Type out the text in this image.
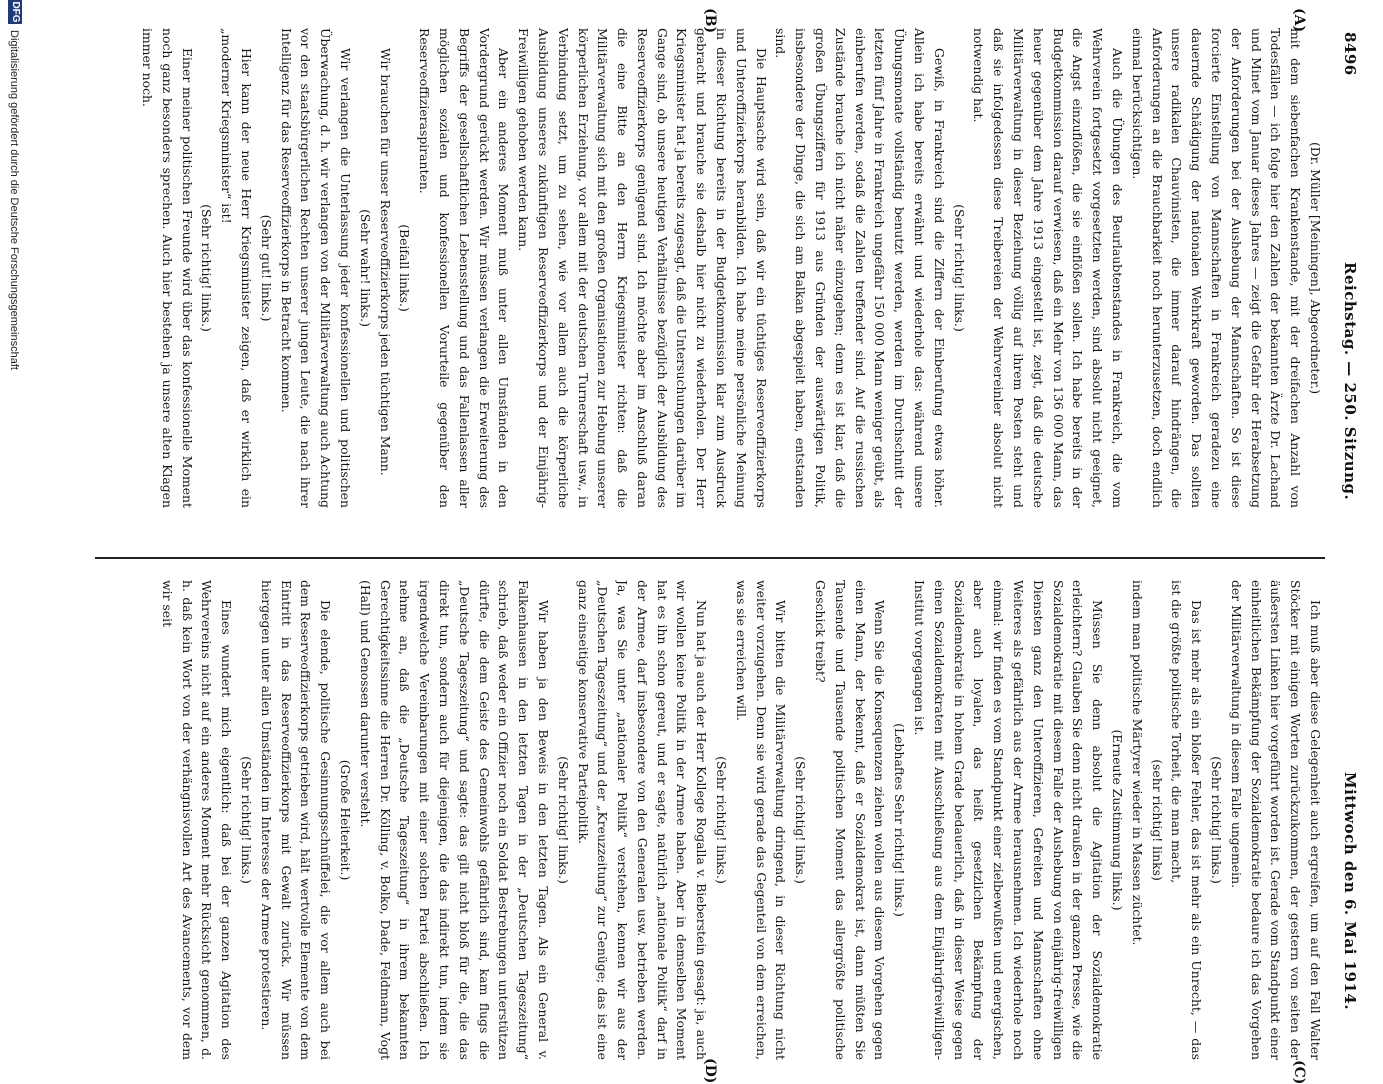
8496
Reichstag. — 250. Sitzung.
Mittwoch den 6. Mai 1914.
(A)
(B)
(C)
(D)

(Dr. Müller [Meiningen], Abgeordneter.)

mit dem siebenfachen Krankenstande, mit der dreifachen Anzahl von Todesfällen — ich folge hier den Zahlen der bekannten Ärzte Dr. Lachand und Minet vom Januar dieses Jahres — zeigt die Gefahr der Herabsetzung der Anforderungen bei der Aushebung der Mannschaften. So ist diese forcierte Einstellung von Mannschaften in Frankreich geradezu eine dauernde Schädigung der nationalen Wehrkraft geworden. Das sollten unsere radikalen Chauvinisten, die immer darauf hindrängen, die Anforderungen an die Brauchbarkeit noch herunterzusetzen, doch endlich einmal berücksichtigen.

Auch die Übungen des Beurlaubtenstandes in Frankreich, die vom Wehrverein fortgesetzt vorgesetzten werden, sind absolut nicht geeignet, die Angst einzuflößen, die sie einflößen sollen. Ich habe bereits in der Budgetkommission darauf verwiesen, daß ein Mehr von 136 000 Mann, das heuer gegenüber dem Jahre 1913 eingestellt ist, zeigt, daß die deutsche Militärverwaltung in dieser Beziehung völlig auf ihrem Posten steht und daß sie infolgedessen diese Treibereien der Wehrvereinler absolut nicht notwendig hat.

(Sehr richtig! links.)

Gewiß, in Frankreich sind die Ziffern der Einberufung etwas höher. Allein ich habe bereits erwähnt und wiederhole das: während unsere Übungsmonate vollständig benutzt werden, werden im Durchschnitt der letzten fünf Jahre in Frankreich ungefähr 150 000 Mann weniger geübt, als einberufen werden, sodaß die Zahlen treffender sind. Auf die russischen Zustände brauche ich nicht näher einzugehen; denn es ist klar, daß die großen Übungsziffern für 1913 aus Gründen der auswärtigen Politik, insbesondere der Dinge, die sich am Balkan abgespielt haben, entstanden sind.

Die Hauptsache wird sein, daß wir ein tüchtiges Reserveoffizierkorps und Unteroffizierkorps heranbilden. Ich habe meine persönliche Meinung in dieser Richtung bereits in der Budgetkommission klar zum Ausdruck gebracht und brauche sie deshalb hier nicht zu wiederholen. Der Herr Kriegsminister hat ja bereits zugesagt, daß die Untersuchungen darüber im Gange sind, ob unsere heutigen Verhältnisse bezüglich der Ausbildung des Reserveoffizierkorps genügend sind. Ich möchte aber im Anschluß daran die eine Bitte an den Herrn Kriegsminister richten: daß die Militärverwaltung sich mit den großen Organisationen zur Hebung unserer körperlichen Erziehung, vor allem mit der deutschen Turnerschaft usw., in Verbindung setzt, um zu sehen, wie vor allem auch die körperliche Ausbildung unseres zukünftigen Reserveoffizierkorps und der Einjährig-Freiwilligen gehoben werden kann.

Aber ein anderes Moment muß unter allen Umständen in den Vordergrund gerückt werden. Wir müssen verlangen die Erweiterung des Begriffs der gesellschaftlichen Lebensstellung und das Fallenlassen aller möglichen sozialen und konfessionellen Vorurteile gegenüber den Reserveoffizieraspiranten.

(Beifall links.)

Wir brauchen für unser Reserveoffizierkorps jeden tüchtigen Mann.

(Sehr wahr! links.)

Wir verlangen die Unterlassung jeder konfessionellen und politischen Überwachung, d. h. wir verlangen von der Militärverwaltung auch Achtung vor den staatsbürgerlichen Rechten unserer jungen Leute, die nach ihrer Intelligenz für das Reserveoffizierkorps in Betracht kommen.

(Sehr gut! links.)

Hier kann der neue Herr Kriegsminister zeigen, daß er wirklich ein „moderner Kriegsminister“ ist!

(Sehr richtig! links.)

Einer meiner politischen Freunde wird über das konfessionelle Moment noch ganz besonders sprechen. Auch hier bestehen ja unsere alten Klagen immer noch.

Ich muß aber diese Gelegenheit auch ergreifen, um auf den Fall Walter Stöcker mit einigen Worten zurückzukommen, der gestern von seiten der äußersten Linken hier vorgeführt worden ist. Gerade vom Standpunkt einer einheitlichen Bekämpfung der Sozialdemokratie bedaure ich das Vorgehen der Militärverwaltung in diesem Falle ungemein.

(Sehr richtig! links.)

Das ist mehr als ein bloßer Fehler, das ist mehr als ein Unrecht, — das ist die größte politische Torheit, die man macht,

(sehr richtig! links)

indem man politische Märtyrer wieder in Massen züchtet.

(Erneute Zustimmung links.)

Müssen Sie denn absolut die Agitation der Sozialdemokratie erleichtern? Glauben Sie denn nicht draußen in der ganzen Presse, wie die Sozialdemokratie mit diesem Falle der Aushebung von einjährig-freiwilligen Diensten ganz den Unteroffizieren, Gefreiten und Mannschaften ohne Weiteres als gefährlich aus der Armee herausnehmen. Ich wiederhole noch einmal: wir finden es vom Standpunkt einer zielbewußten und energischen, aber auch loyalen, das heißt gesetzlichen Bekämpfung der Sozialdemokratie in hohem Grade bedauerlich, daß in dieser Weise gegen einen Sozialdemokraten mit Ausschließung aus dem Einjährigfreiwilligen-Institut vorgegangen ist.

(Lebhaftes Sehr richtig! links.)

Wenn Sie die Konsequenzen ziehen wollen aus diesem Vorgehen gegen einen Mann, der bekennt, daß er Sozialdemokrat ist, dann müßten Sie Tausende und Tausende politischen Moment das allergrößte politische Geschick treibt?

(Sehr richtig! links.)

Wir bitten die Militärverwaltung dringend, in dieser Richtung nicht weiter vorzugehen. Denn sie wird gerade das Gegenteil von dem erreichen, was sie erreichen will.

(Sehr richtig! links.)

Nun hat ja auch der Herr Kollege Rogalla v. Bieberstein gesagt: ja, auch wir wollen keine Politik in der Armee haben. Aber in demselben Moment hat es ihn schon gereut, und er sagte, natürlich „nationale Politik“ darf in der Armee, darf insbesondere von den Generalen usw. betrieben werden. Ja, was Sie unter „nationaler Politik“ verstehen, kennen wir aus der „Deutschen Tageszeitung“ und der „Kreuzzeitung“ zur Genüge; das ist eine ganz einseitige konservative Parteipolitik.

(Sehr richtig! links.)

Wir haben ja den Beweis in den letzten Tagen. Als ein General v. Falkenhausen in den letzten Tagen in der „Deutschen Tageszeitung“ schrieb, daß weder ein Offizier noch ein Soldat Bestrebungen unterstützen dürfte, die dem Geiste des Gemeinwohls gefährlich sind, kam flugs die „Deutsche Tageszeitung“ und sagte: das gilt nicht bloß für die, die das direkt tun, sondern auch für diejenigen, die das indirekt tun, indem sie irgendwelche Vereinbarungen mit einer solchen Partei abschließen. Ich nehme an, daß die „Deutsche Tageszeitung“ in ihrem bekannten Gerechtigkeitssinne die Herren Dr. Kölling, v. Bolko, Dade, Feldmann, Vogt (Hall) und Genossen darunter versteht.

(Große Heiterkeit.)

Die elende, politische Gesinnungsschnüffelei, die vor allem auch bei dem Reserveoffizierkorps getrieben wird, hält wertvolle Elemente von dem Eintritt in das Reserveoffizierkorps mit Gewalt zurück. Wir müssen hiergegen unter allen Umständen im Interesse der Armee protestieren.

(Sehr richtig! links.)

Eines wundert mich eigentlich: daß bei der ganzen Agitation des Wehrvereins nicht auf ein anderes Moment mehr Rücksicht genommen, d. h. daß kein Wort von der verhängnisvollen Art des Avancements, vor dem wir seit

DFG
Digitalisierung gefördert durch die Deutsche Forschungsgemeinschaft
